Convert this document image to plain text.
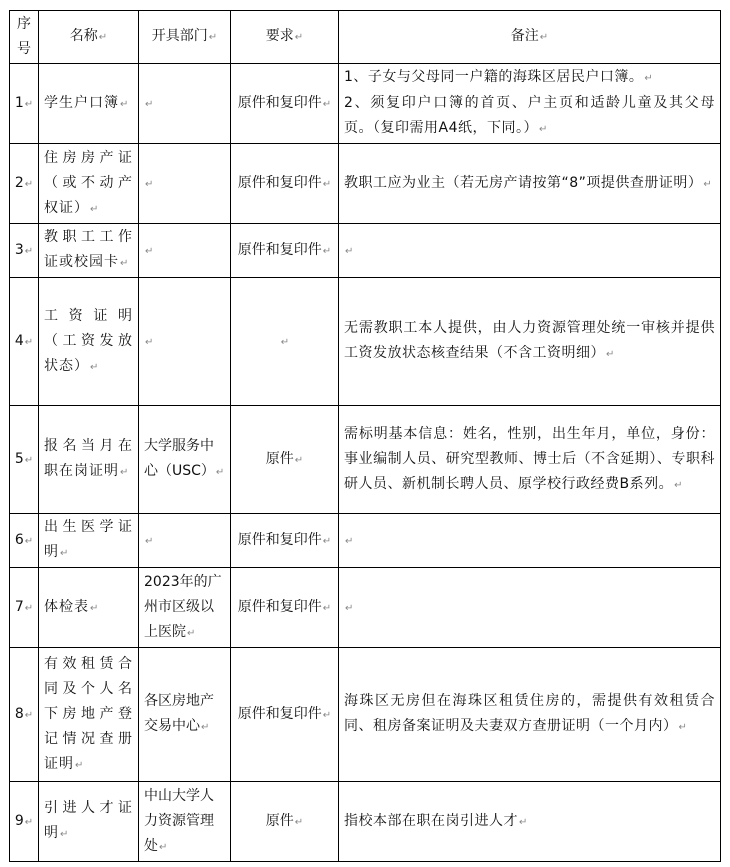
序号	名称↵	开具部门↵	要求↵	备注↵
1↵	学生户口簿↵	↵	原件和复印件↵	1、子女与父母同一户籍的海珠区居民户口簿。↵
2、须复印户口簿的首页、户主页和适龄儿童及其父母页。（复印需用A4纸，下同。）↵

2↵	住房房产证（或不动产权证）↵	↵	原件和复印件↵	教职工应为业主（若无房产请按第“8”项提供查册证明）↵
3↵	教职工工作证或校园卡↵	↵	原件和复印件↵	↵
4↵	工资证明（工资发放状态）↵	↵	↵	无需教职工本人提供，由人力资源管理处统一审核并提供工资发放状态核查结果（不含工资明细）↵
5↵	报名当月在职在岗证明↵	大学服务中心（USC）↵	原件↵	需标明基本信息：姓名，性别，出生年月，单位，身份：事业编制人员、研究型教师、博士后（不含延期）、专职科研人员、新机制长聘人员、原学校行政经费B系列。↵
6↵	出生医学证明↵	↵	原件和复印件↵	↵
7↵	体检表↵	2023年的广州市区级以上医院↵	原件和复印件↵	↵
8↵	有效租赁合同及个人名下房地产登记情况查册证明↵	各区房地产交易中心↵	原件和复印件↵	海珠区无房但在海珠区租赁住房的，需提供有效租赁合同、租房备案证明及夫妻双方查册证明（一个月内）↵
9↵	引进人才证明↵	中山大学人力资源管理处↵	原件↵	指校本部在职在岗引进人才↵
